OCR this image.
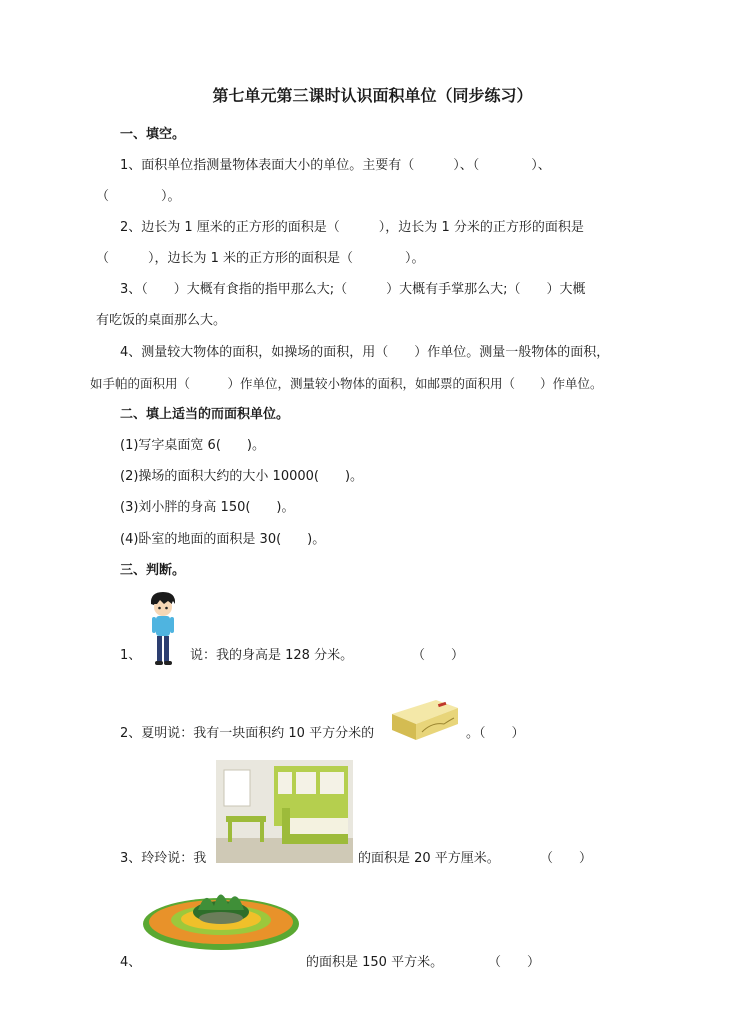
第七单元第三课时认识面积单位（同步练习）
一、填空。
1、面积单位指测量物体表面大小的单位。主要有（　　　）、（　　　　）、
（　　　　）。
2、边长为 1 厘米的正方形的面积是（　　　），边长为 1 分米的正方形的面积是
（　　　），边长为 1 米的正方形的面积是（　　　　）。
3、（　　）大概有食指的指甲那么大;（　　　）大概有手掌那么大;（　　）大概
有吃饭的桌面那么大。
4、测量较大物体的面积，如操场的面积，用（　　）作单位。测量一般物体的面积，
如手帕的面积用（　　　）作单位，测量较小物体的面积，如邮票的面积用（　　）作单位。
二、填上适当的而面积单位。
(1)写字桌面宽 6(　　)。
(2)操场的面积大约的大小 10000(　　)。
(3)刘小胖的身高 150(　　)。
(4)卧室的地面的面积是 30(　　)。
三、判断。
1、	说：我的身高是 128 分米。	（　　）
2、夏明说：我有一块面积约 10 平方分米的	。（　　）
3、玲玲说：我	的面积是 20 平方厘米。	（　　）
4、	的面积是 150 平方米。	（　　）
